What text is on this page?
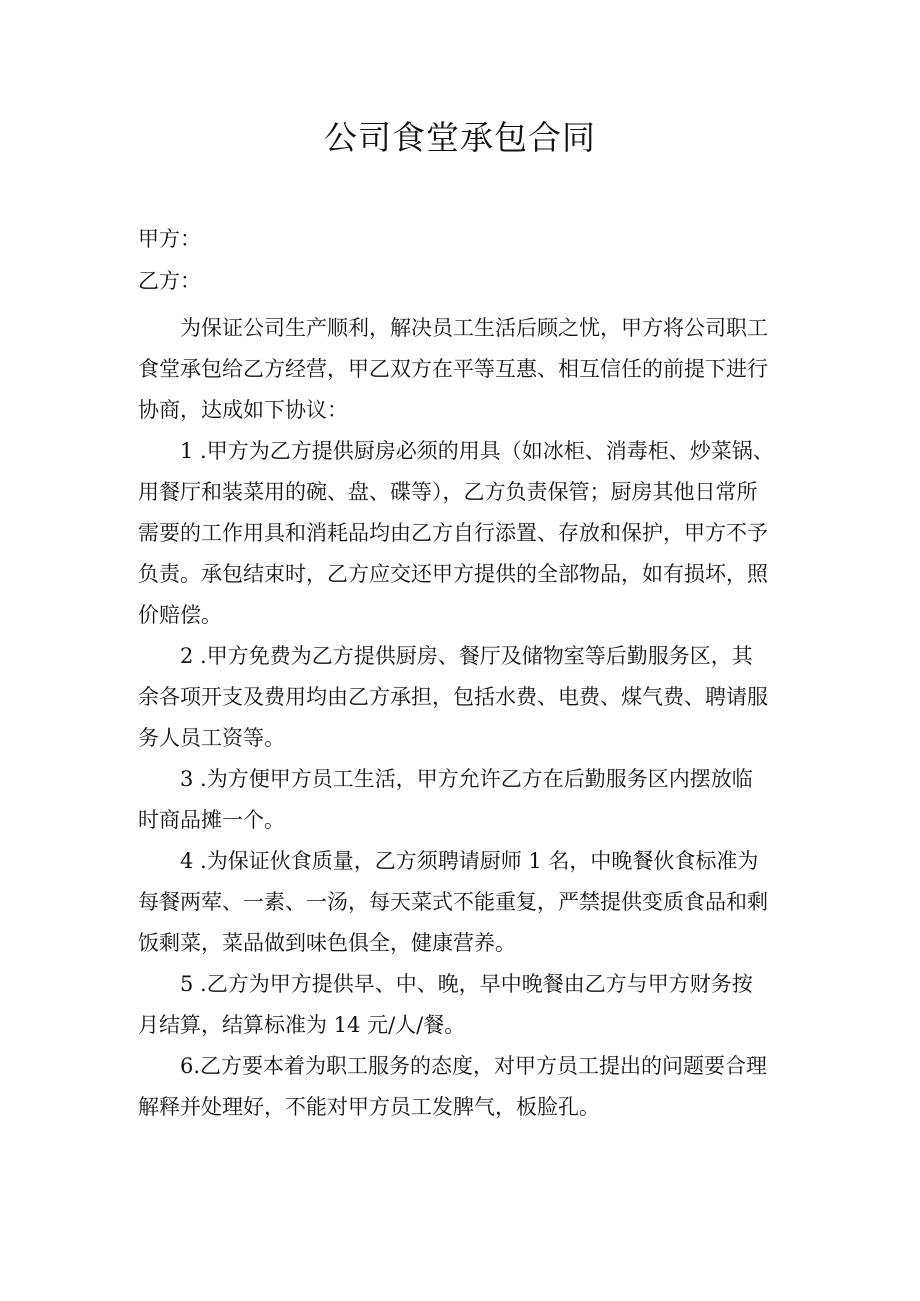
公司食堂承包合同
甲方：
乙方：
为保证公司生产顺利，解决员工生活后顾之忧，甲方将公司职工
食堂承包给乙方经营，甲乙双方在平等互惠、相互信任的前提下进行
协商，达成如下协议：
1 .甲方为乙方提供厨房必须的用具（如冰柜、消毒柜、炒菜锅、
用餐厅和装菜用的碗、盘、碟等），乙方负责保管；厨房其他日常所
需要的工作用具和消耗品均由乙方自行添置、存放和保护，甲方不予
负责。承包结束时，乙方应交还甲方提供的全部物品，如有损坏，照
价赔偿。
2 .甲方免费为乙方提供厨房、餐厅及储物室等后勤服务区，其
余各项开支及费用均由乙方承担，包括水费、电费、煤气费、聘请服
务人员工资等。
3 .为方便甲方员工生活，甲方允许乙方在后勤服务区内摆放临
时商品摊一个。
4 .为保证伙食质量，乙方须聘请厨师 1 名，中晚餐伙食标准为
每餐两荤、一素、一汤，每天菜式不能重复，严禁提供变质食品和剩
饭剩菜，菜品做到味色俱全，健康营养。
5 .乙方为甲方提供早、中、晚，早中晚餐由乙方与甲方财务按
月结算，结算标准为 14 元/人/餐。
6.乙方要本着为职工服务的态度，对甲方员工提出的问题要合理
解释并处理好，不能对甲方员工发脾气，板脸孔。
